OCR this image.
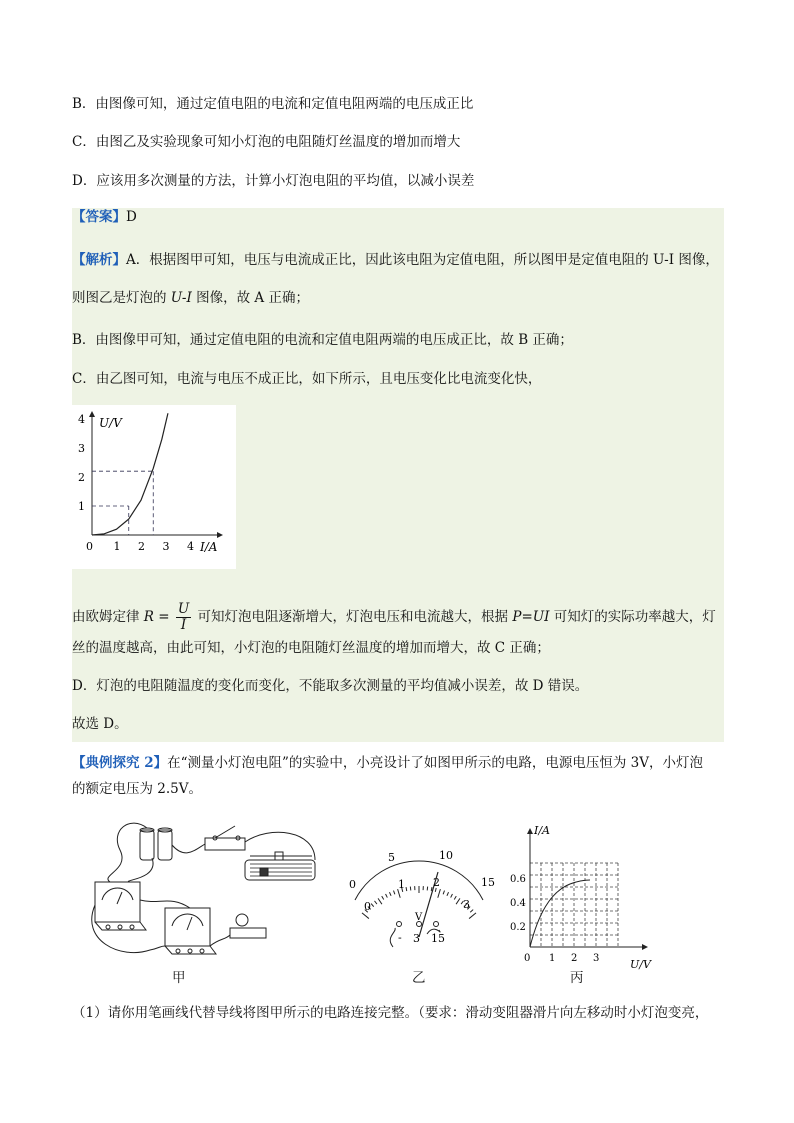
B．由图像可知，通过定值电阻的电流和定值电阻两端的电压成正比
C．由图乙及实验现象可知小灯泡的电阻随灯丝温度的增加而增大
D．应该用多次测量的方法，计算小灯泡电阻的平均值，以减小误差
【答案】D
【解析】A．根据图甲可知，电压与电流成正比，因此该电阻为定值电阻，所以图甲是定值电阻的 U-I 图像，
则图乙是灯泡的 U-I 图像，故 A 正确；
B．由图像甲可知，通过定值电阻的电流和定值电阻两端的电压成正比，故 B 正确；
C．由乙图可知，电流与电压不成正比，如下所示，且电压变化比电流变化快，
0 1 2 3 4
1
2
3
4 U/V
I/A
由欧姆定律 $R = \frac{U}{I}$ 可知灯泡电阻逐渐增大，灯泡电压和电流越大，根据 P=UI 可知灯的实际功率越大，灯
丝的温度越高，由此可知，小灯泡的电阻随灯丝温度的增加而增大，故 C 正确；
D．灯泡的电阻随温度的变化而变化，不能取多次测量的平均值减小误差，故 D 错误。
故选 D。
【典例探究 2】在“测量小灯泡电阻”的实验中，小亮设计了如图甲所示的电路，电源电压恒为 3V，小灯泡
的额定电压为 2.5V。
甲
0
5	10
15
0
1	2
3
V
- 3 15
乙
I/A
U/V
0.2
0.4
0.6
0 1 2 3
丙
（1）请你用笔画线代替导线将图甲所示的电路连接完整。（要求：滑动变阻器滑片向左移动时小灯泡变亮，
